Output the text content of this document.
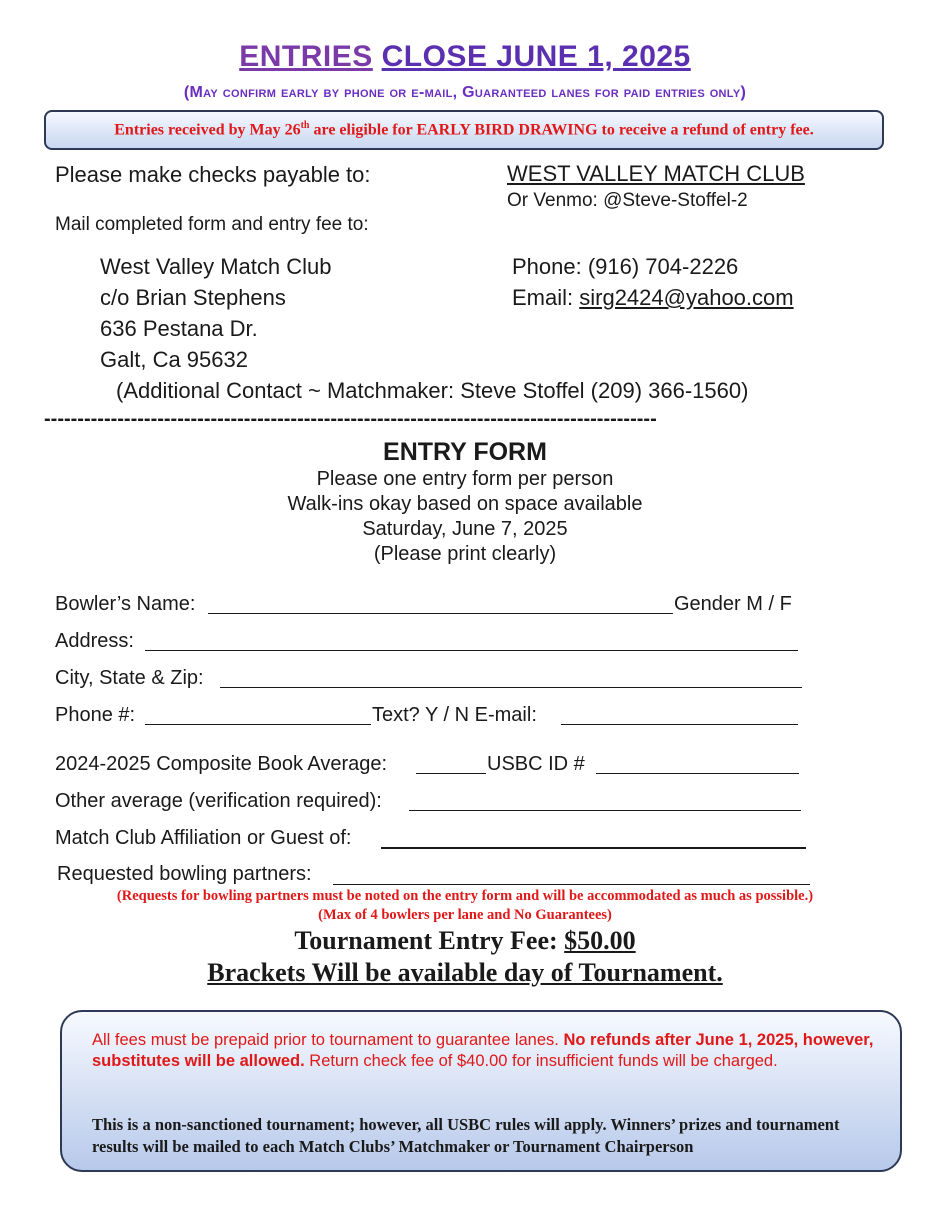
ENTRIES CLOSE JUNE 1, 2025
(May confirm early by phone or e-mail, Guaranteed lanes for paid entries only)
Entries received by May 26th are eligible for EARLY BIRD DRAWING to receive a refund of entry fee.
Please make checks payable to:	WEST VALLEY MATCH CLUB
Or Venmo: @Steve-Stoffel-2
Mail completed form and entry fee to:
West Valley Match Club
c/o Brian Stephens
636 Pestana Dr.
Galt, Ca 95632
Phone: (916) 704-2226
Email: sirg2424@yahoo.com
(Additional Contact ~ Matchmaker: Steve Stoffel (209) 366-1560)
--------------------------------------------------------------------------------------------
ENTRY FORM
Please one entry form per person
Walk-ins okay based on space available
Saturday, June 7, 2025
(Please print clearly)
Bowler’s Name:	Gender M / F
Address:
City, State & Zip:
Phone #:	Text? Y / N E-mail:
2024-2025 Composite Book Average:	USBC ID #
Other average (verification required):
Match Club Affiliation or Guest of:
Requested bowling partners:
(Requests for bowling partners must be noted on the entry form and will be accommodated as much as possible.)
(Max of 4 bowlers per lane and No Guarantees)
Tournament Entry Fee: $50.00
Brackets Will be available day of Tournament.
All fees must be prepaid prior to tournament to guarantee lanes. No refunds after June 1, 2025, however, substitutes will be allowed. Return check fee of $40.00 for insufficient funds will be charged.
This is a non-sanctioned tournament; however, all USBC rules will apply. Winners’ prizes and tournament results will be mailed to each Match Clubs’ Matchmaker or Tournament Chairperson
